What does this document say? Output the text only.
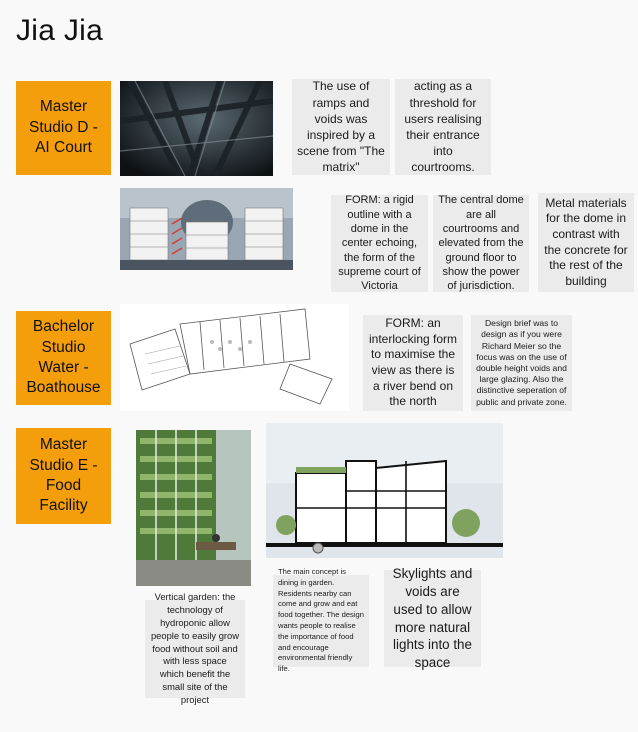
Jia Jia
Master Studio D - AI Court
The use of ramps and voids was inspired by a scene from "The matrix"
acting as a threshold for users realising their entrance into courtrooms.
FORM: a rigid outline with a dome in the center echoing, the form of the supreme court of Victoria
The central dome are all courtrooms and elevated from the ground floor to show the power of jurisdiction.
Metal materials for the dome in contrast with the concrete for the rest of the building
Bachelor Studio Water - Boathouse
FORM: an interlocking form to maximise the view as there is a river bend on the north
Design brief was to design as if you were Richard Meier so the focus was on the use of double height voids and large glazing. Also the distinctive seperation of public and private zone.
Master Studio E - Food Facility
Vertical garden: the technology of hydroponic allow people to easily grow food without soil and with less space which benefit the small site of the project
The main concept is dining in garden. Residents nearby can come and grow and eat food together. The design wants people to realise the importance of food and encourage environmental friendly life.
Skylights and voids are used to allow more natural lights into the space
